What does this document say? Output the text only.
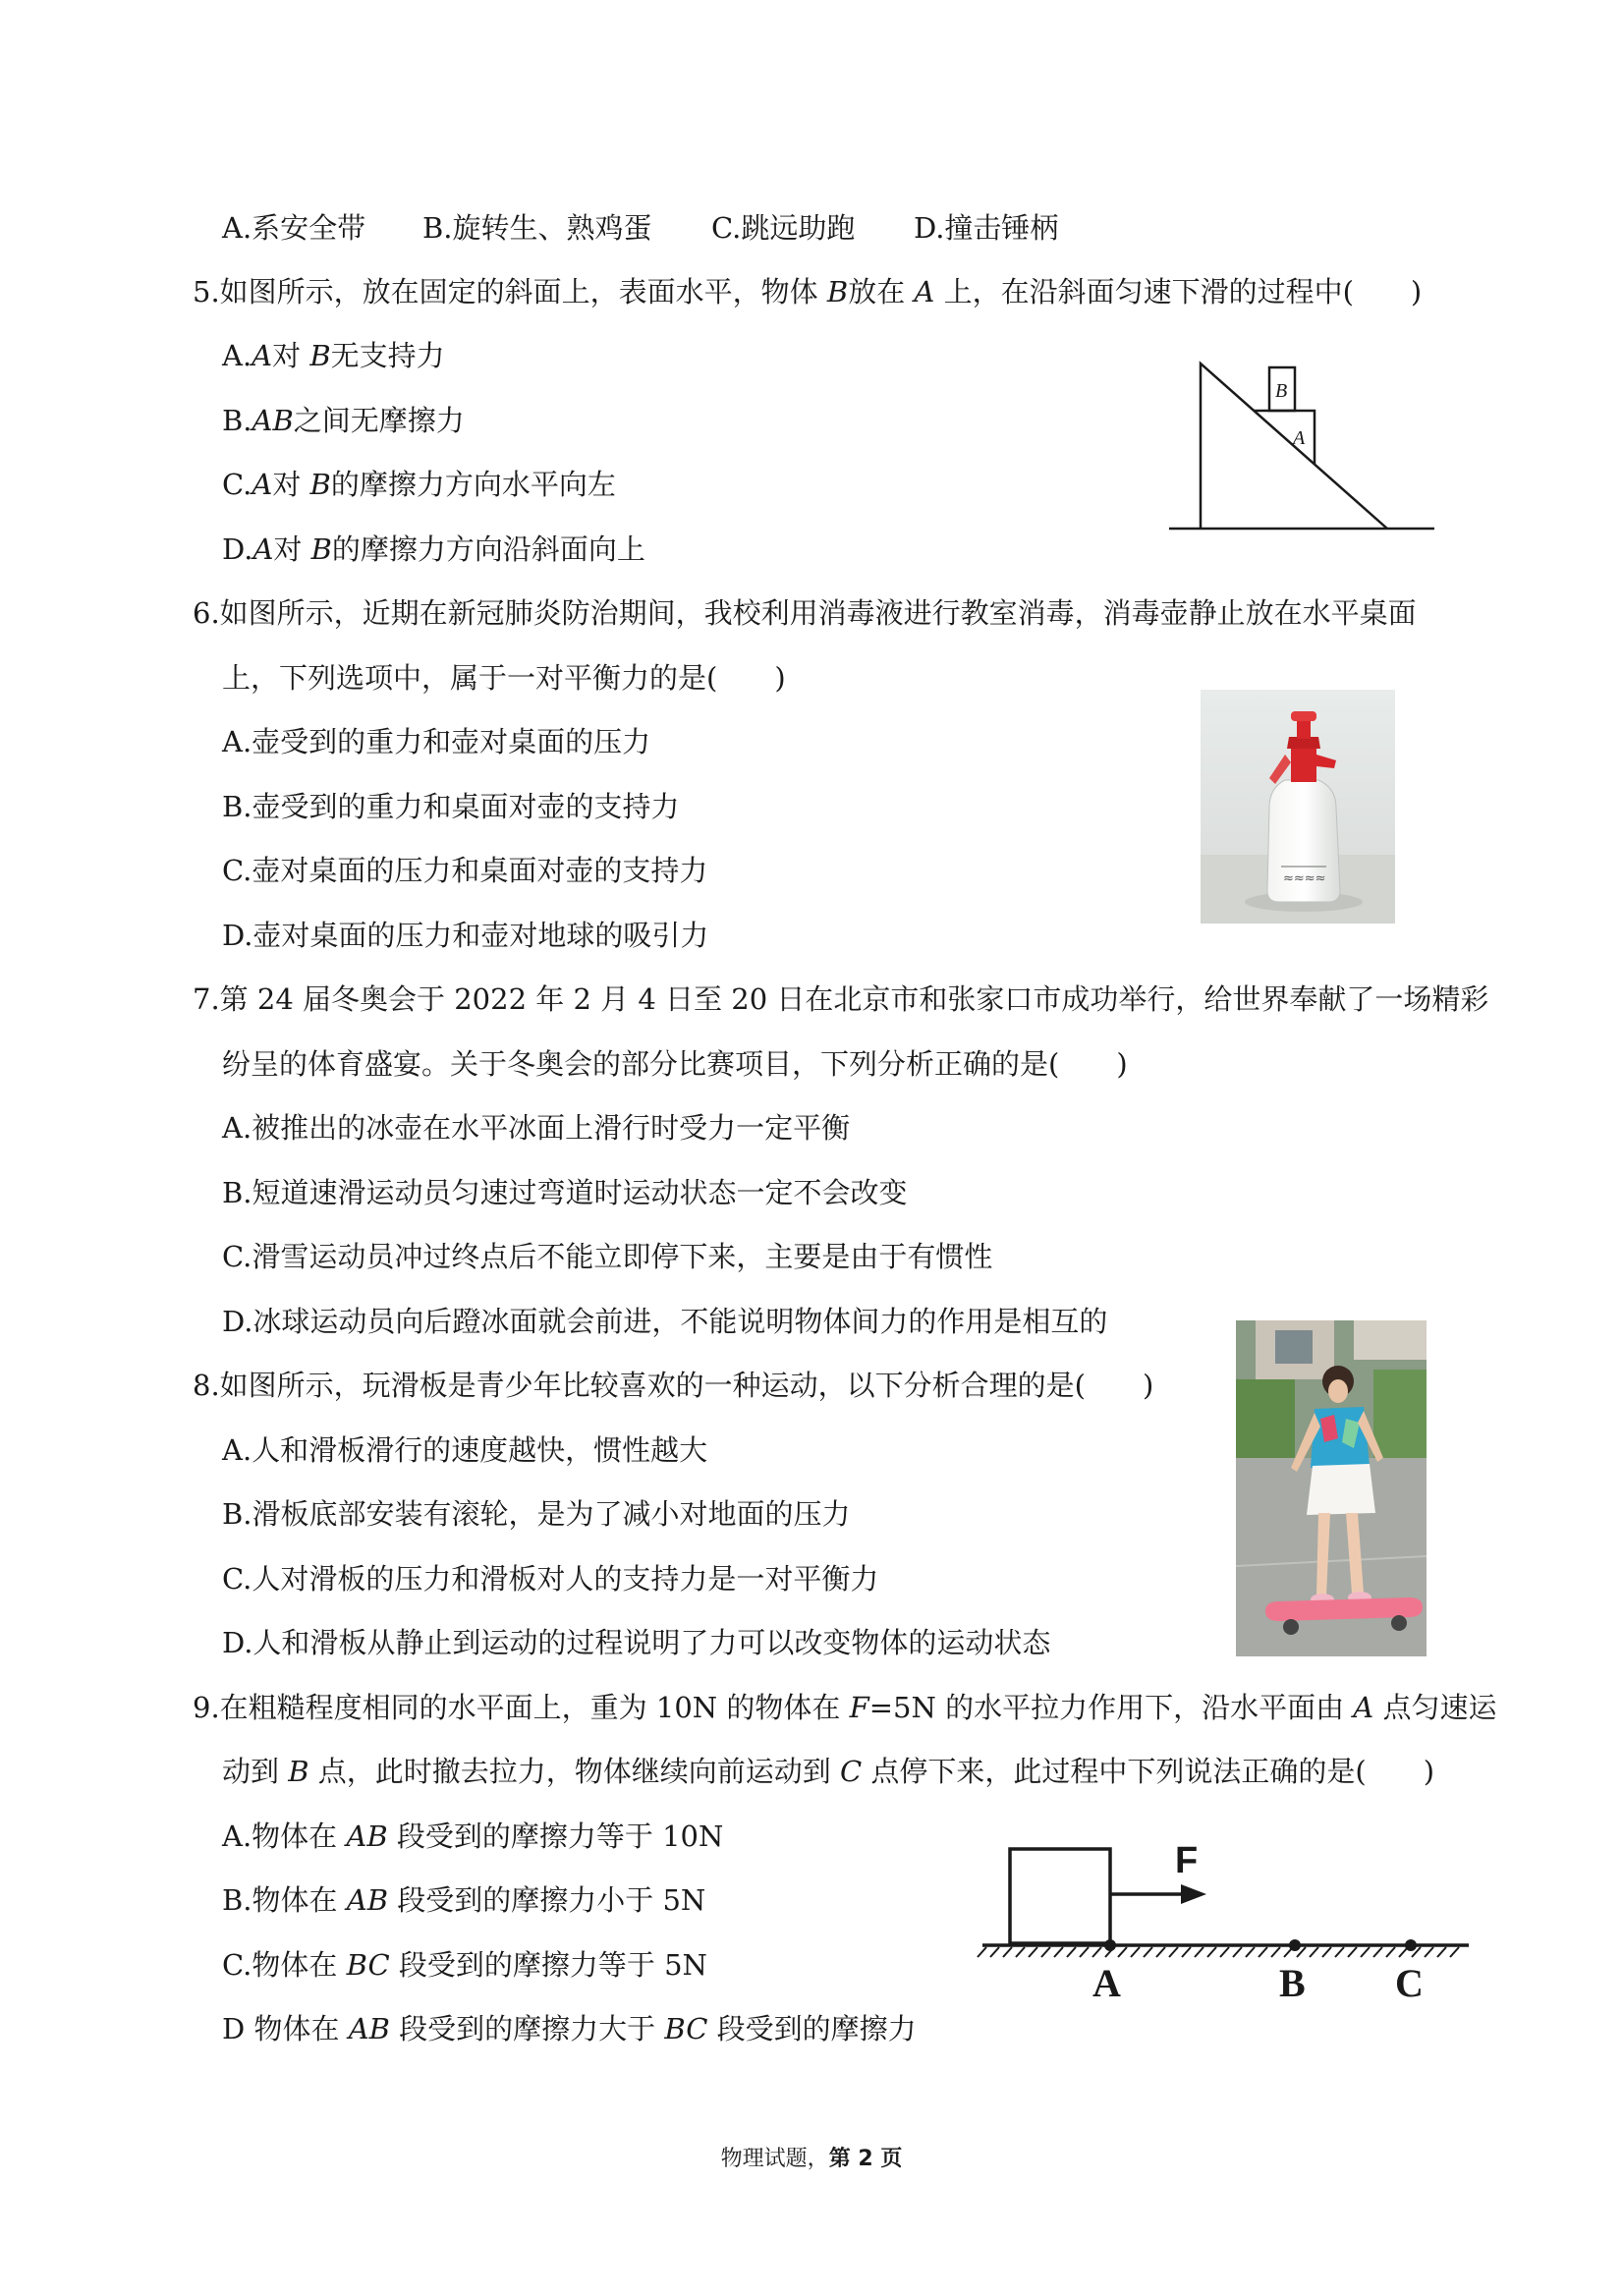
A.系安全带 B.旋转生、熟鸡蛋 C.跳远助跑 D.撞击锤柄
5.如图所示，放在固定的斜面上，表面水平，物体 B放在 A 上，在沿斜面匀速下滑的过程中(　　)
A.A对 B无支持力
B.AB之间无摩擦力
C.A对 B的摩擦力方向水平向左
D.A对 B的摩擦力方向沿斜面向上
A
B
6.如图所示，近期在新冠肺炎防治期间，我校利用消毒液进行教室消毒，消毒壶静止放在水平桌面
上，下列选项中，属于一对平衡力的是(　　)
A.壶受到的重力和壶对桌面的压力
B.壶受到的重力和桌面对壶的支持力
C.壶对桌面的压力和桌面对壶的支持力
D.壶对桌面的压力和壶对地球的吸引力
≈≈≈≈
7.第 24 届冬奥会于 2022 年 2 月 4 日至 20 日在北京市和张家口市成功举行，给世界奉献了一场精彩
纷呈的体育盛宴。关于冬奥会的部分比赛项目，下列分析正确的是(　　)
A.被推出的冰壶在水平冰面上滑行时受力一定平衡
B.短道速滑运动员匀速过弯道时运动状态一定不会改变
C.滑雪运动员冲过终点后不能立即停下来，主要是由于有惯性
D.冰球运动员向后蹬冰面就会前进，不能说明物体间力的作用是相互的
8.如图所示，玩滑板是青少年比较喜欢的一种运动，以下分析合理的是(　　)
A.人和滑板滑行的速度越快，惯性越大
B.滑板底部安装有滚轮，是为了减小对地面的压力
C.人对滑板的压力和滑板对人的支持力是一对平衡力
D.人和滑板从静止到运动的过程说明了力可以改变物体的运动状态
9.在粗糙程度相同的水平面上，重为 10N 的物体在 F=5N 的水平拉力作用下，沿水平面由 A 点匀速运
动到 B 点，此时撤去拉力，物体继续向前运动到 C 点停下来，此过程中下列说法正确的是(　　)
A.物体在 AB 段受到的摩擦力等于 10N
B.物体在 AB 段受到的摩擦力小于 5N
C.物体在 BC 段受到的摩擦力等于 5N
D 物体在 AB 段受到的摩擦力大于 BC 段受到的摩擦力
F
A	B C
物理试题，第 2 页
